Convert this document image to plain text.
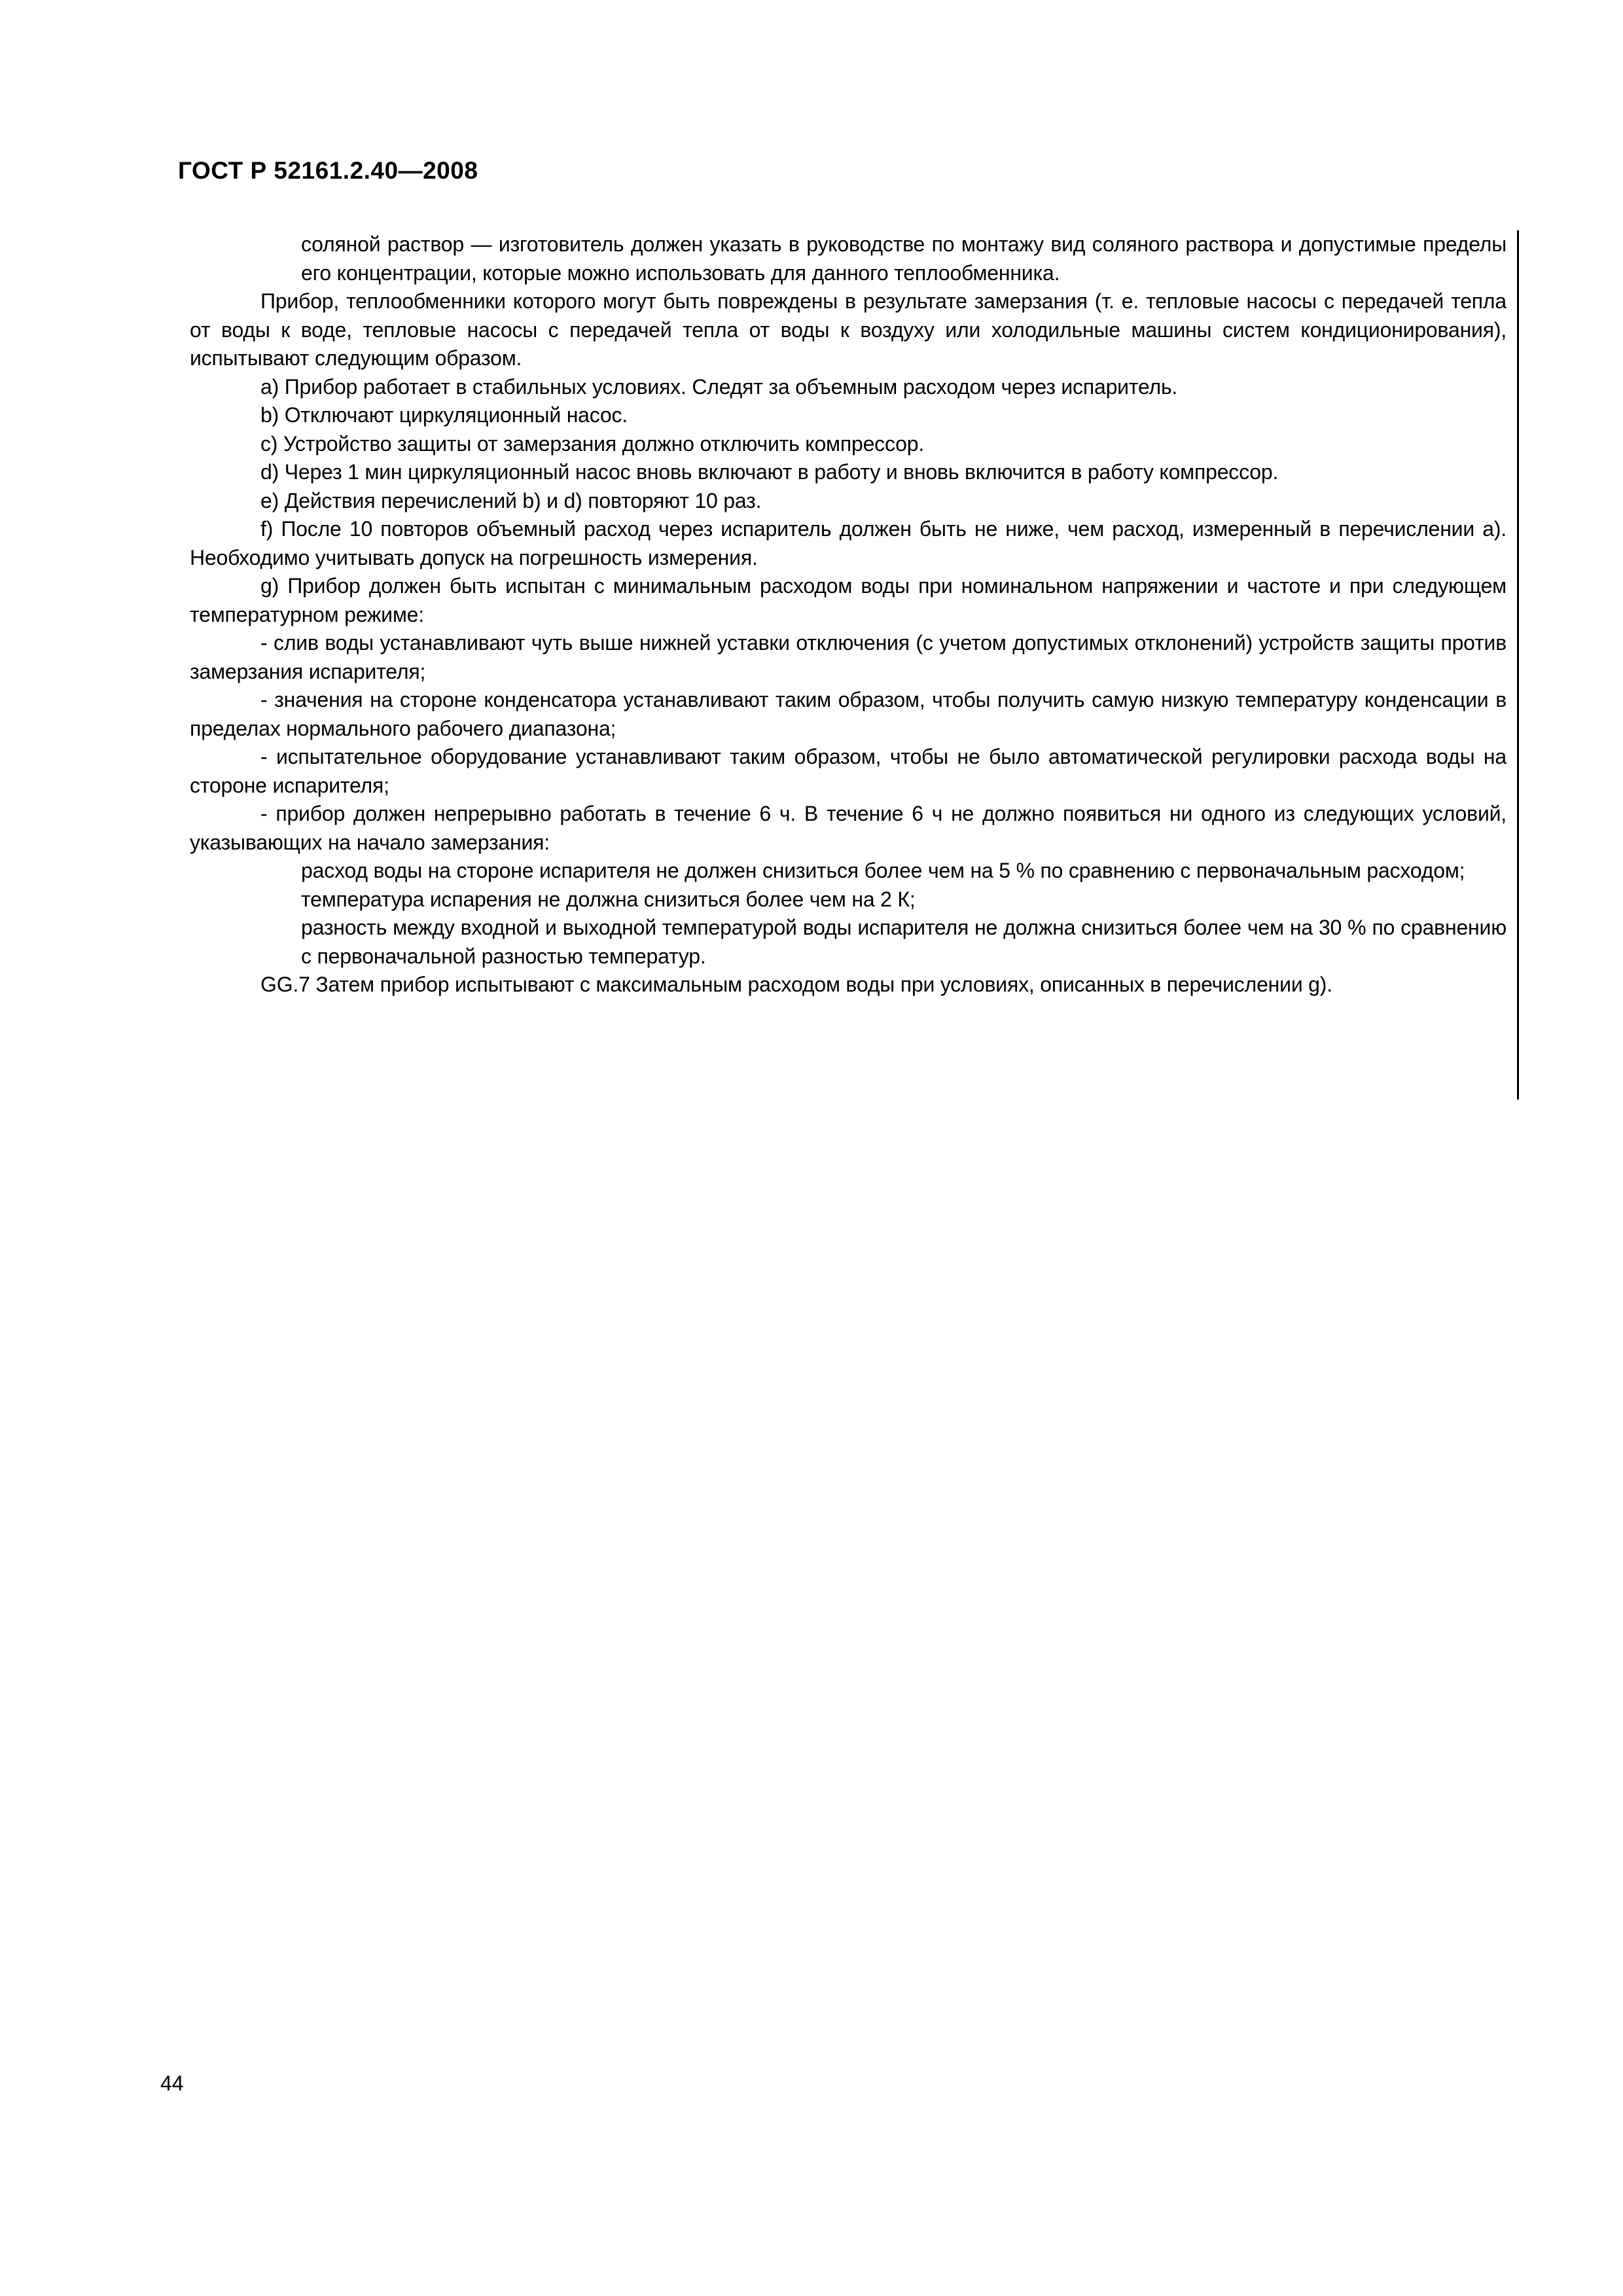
ГОСТ Р 52161.2.40—2008

соляной раствор — изготовитель должен указать в руководстве по монтажу вид соляного раствора и допустимые пределы его концентрации, которые можно использовать для данного теплообменника.

Прибор, теплообменники которого могут быть повреждены в результате замерзания (т. е. тепловые насосы с передачей тепла от воды к воде, тепловые насосы с передачей тепла от воды к воздуху или холодильные машины систем кондиционирования), испытывают следующим образом.

a) Прибор работает в стабильных условиях. Следят за объемным расходом через испаритель.

b) Отключают циркуляционный насос.

c) Устройство защиты от замерзания должно отключить компрессор.

d) Через 1 мин циркуляционный насос вновь включают в работу и вновь включится в работу компрессор.

e) Действия перечислений b) и d) повторяют 10 раз.

f) После 10 повторов объемный расход через испаритель должен быть не ниже, чем расход, измеренный в перечислении a). Необходимо учитывать допуск на погрешность измерения.

g) Прибор должен быть испытан с минимальным расходом воды при номинальном напряжении и частоте и при следующем температурном режиме:

- слив воды устанавливают чуть выше нижней уставки отключения (с учетом допустимых отклонений) устройств защиты против замерзания испарителя;

- значения на стороне конденсатора устанавливают таким образом, чтобы получить самую низкую температуру конденсации в пределах нормального рабочего диапазона;

- испытательное оборудование устанавливают таким образом, чтобы не было автоматической регулировки расхода воды на стороне испарителя;

- прибор должен непрерывно работать в течение 6 ч. В течение 6 ч не должно появиться ни одного из следующих условий, указывающих на начало замерзания:

расход воды на стороне испарителя не должен снизиться более чем на 5 % по сравнению с первоначальным расходом;

температура испарения не должна снизиться более чем на 2 К;

разность между входной и выходной температурой воды испарителя не должна снизиться более чем на 30 % по сравнению с первоначальной разностью температур.

GG.7 Затем прибор испытывают с максимальным расходом воды при условиях, описанных в перечислении g).

44
